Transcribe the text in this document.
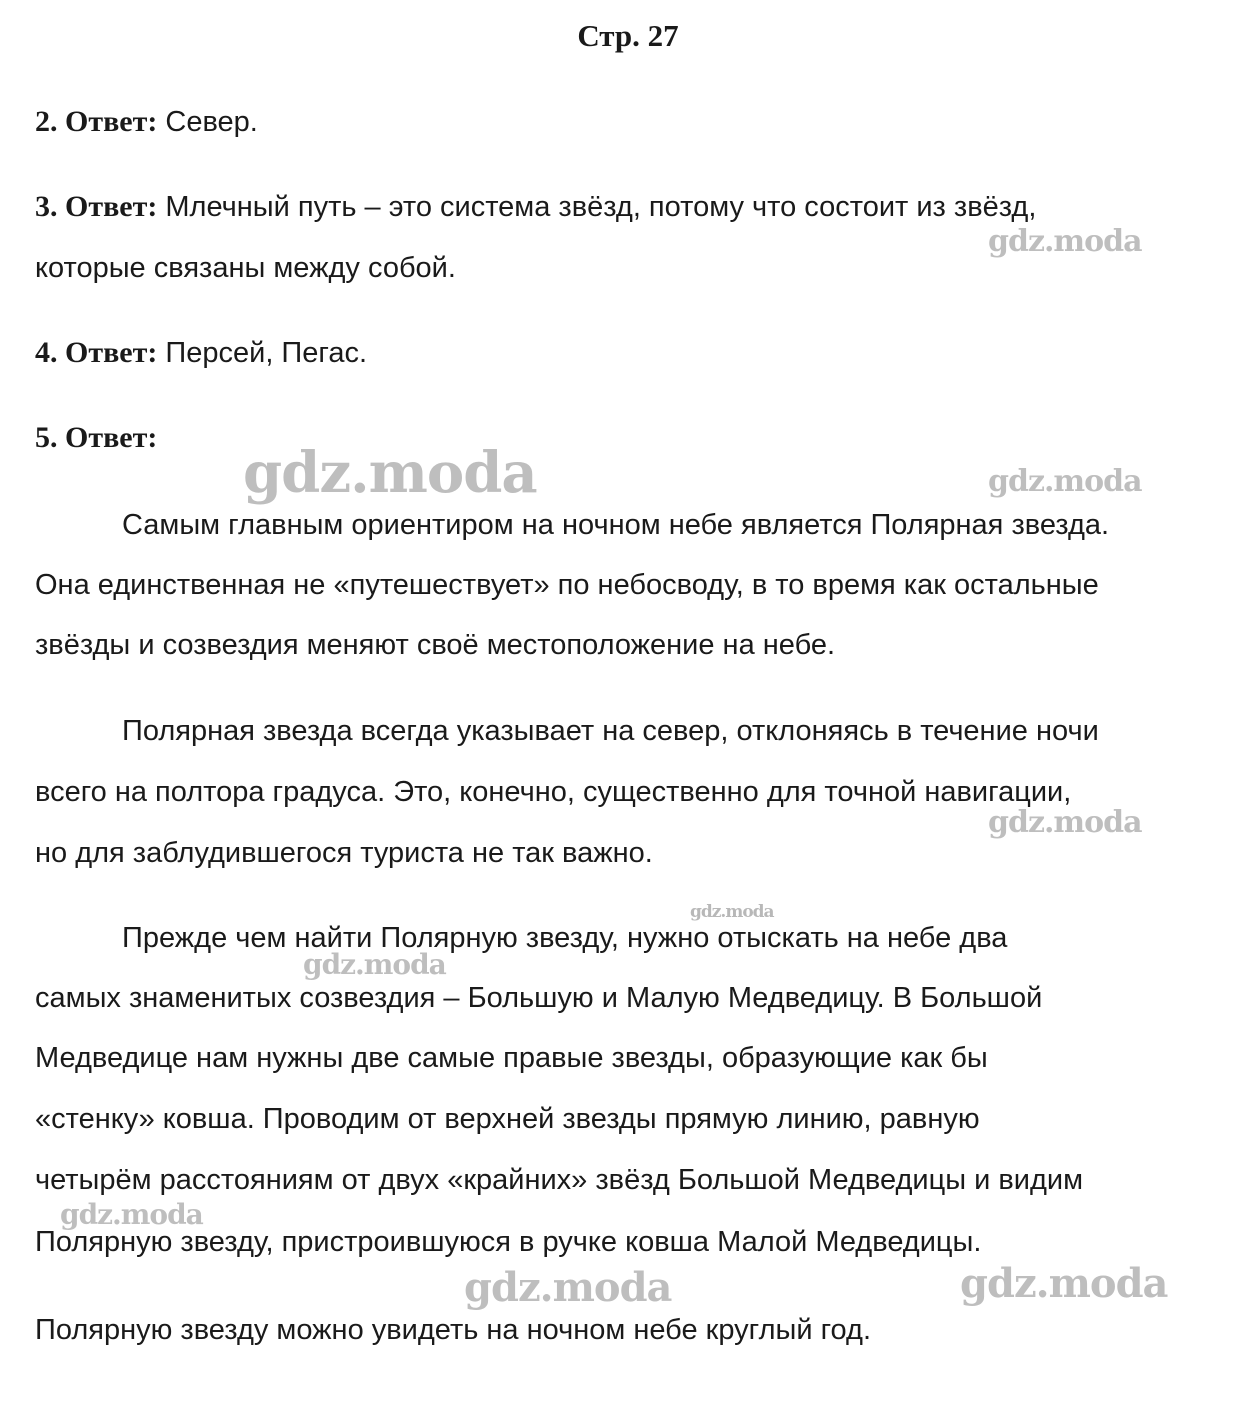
Стр. 27
2. Ответ: Север.
3. Ответ: Млечный путь – это система звёзд, потому что состоит из звёзд,
которые связаны между собой.
4. Ответ: Персей, Пегас.
5. Ответ:
Самым главным ориентиром на ночном небе является Полярная звезда.
Она единственная не «путешествует» по небосводу, в то время как остальные
звёзды и созвездия меняют своё местоположение на небе.
Полярная звезда всегда указывает на север, отклоняясь в течение ночи
всего на полтора градуса. Это, конечно, существенно для точной навигации,
но для заблудившегося туриста не так важно.
Прежде чем найти Полярную звезду, нужно отыскать на небе два
самых знаменитых созвездия – Большую и Малую Медведицу. В Большой
Медведице нам нужны две самые правые звезды, образующие как бы
«стенку» ковша. Проводим от верхней звезды прямую линию, равную
четырём расстояниям от двух «крайних» звёзд Большой Медведицы и видим
Полярную звезду, пристроившуюся в ручке ковша Малой Медведицы.
Полярную звезду можно увидеть на ночном небе круглый год.
gdz.moda
gdz.moda	gdz.moda
gdz.moda
gdz.moda
gdz.moda
gdz.moda
gdz.moda	gdz.moda
